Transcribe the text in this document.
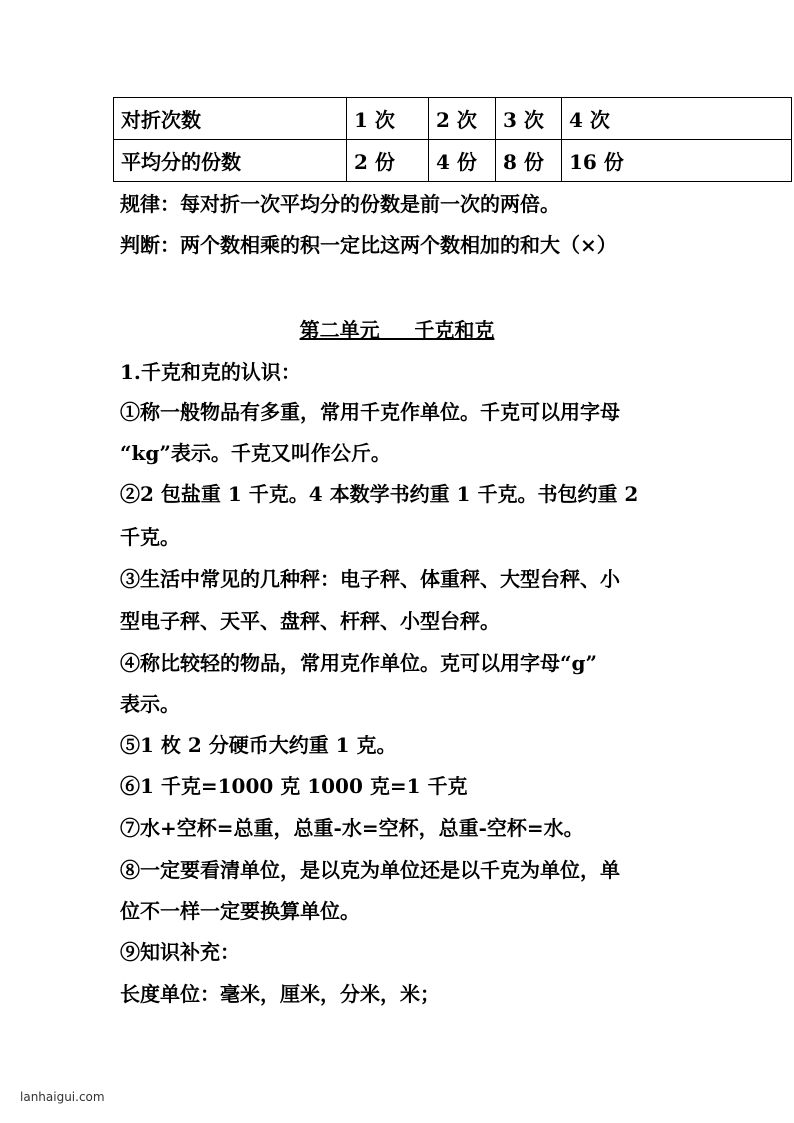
对折次数	1 次	2 次	3 次	4 次
平均分的份数	2 份	4 份	8 份	16 份
规律：每对折一次平均分的份数是前一次的两倍。
判断：两个数相乘的积一定比这两个数相加的和大（×）
第二单元     千克和克
1.千克和克的认识：
①称一般物品有多重，常用千克作单位。千克可以用字母
“kg”表示。千克又叫作公斤。
②2 包盐重 1 千克。4 本数学书约重 1 千克。书包约重 2
千克。
③生活中常见的几种秤：电子秤、体重秤、大型台秤、小
型电子秤、天平、盘秤、杆秤、小型台秤。
④称比较轻的物品，常用克作单位。克可以用字母“g”
表示。
⑤1 枚 2 分硬币大约重 1 克。
⑥1 千克=1000 克 1000 克=1 千克
⑦水+空杯=总重，总重-水=空杯，总重-空杯=水。
⑧一定要看清单位，是以克为单位还是以千克为单位，单
位不一样一定要换算单位。
⑨知识补充：
长度单位：毫米，厘米，分米，米；
lanhaigui.com
